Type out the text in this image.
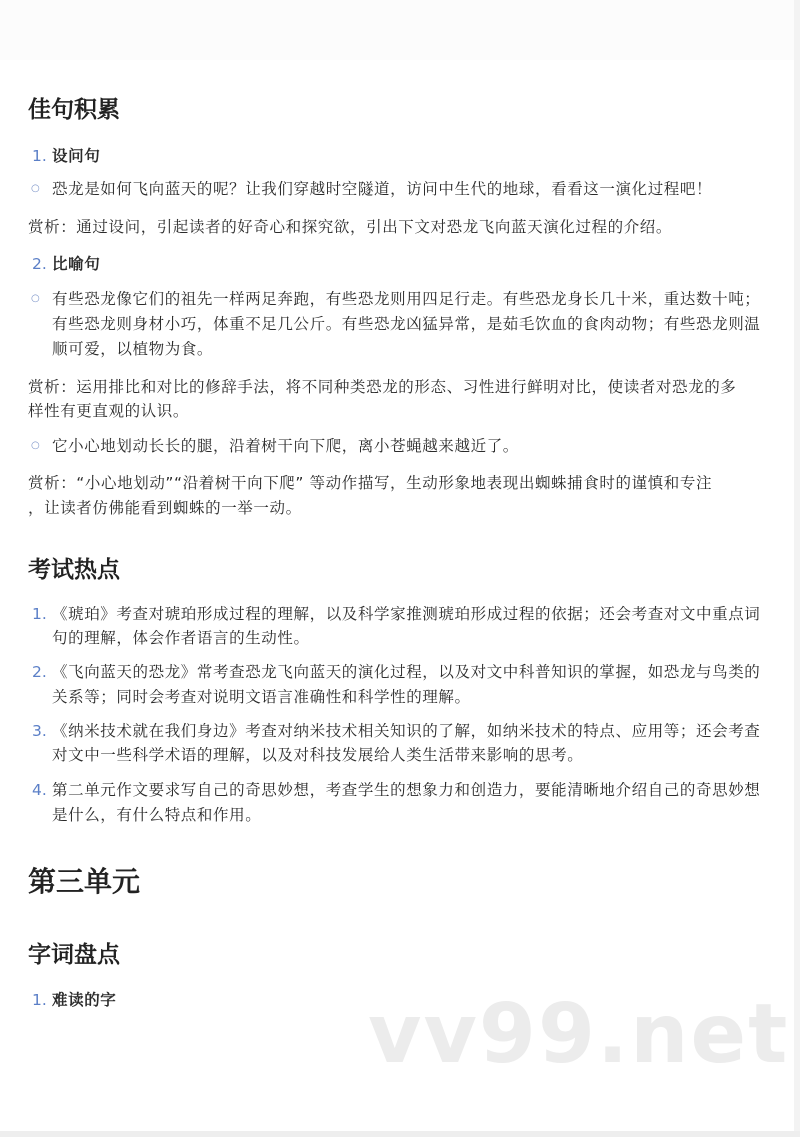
佳句积累
1. 设问句
○ 恐龙是如何飞向蓝天的呢？让我们穿越时空隧道，访问中生代的地球，看看这一演化过程吧！
赏析：通过设问，引起读者的好奇心和探究欲，引出下文对恐龙飞向蓝天演化过程的介绍。
2. 比喻句
○ 有些恐龙像它们的祖先一样两足奔跑，有些恐龙则用四足行走。有些恐龙身长几十米，重达数十吨；
有些恐龙则身材小巧，体重不足几公斤。有些恐龙凶猛异常，是茹毛饮血的食肉动物；有些恐龙则温
顺可爱，以植物为食。
赏析：运用排比和对比的修辞手法，将不同种类恐龙的形态、习性进行鲜明对比，使读者对恐龙的多
样性有更直观的认识。
○ 它小心地划动长长的腿，沿着树干向下爬，离小苍蝇越来越近了。
赏析：“小心地划动”“沿着树干向下爬” 等动作描写，生动形象地表现出蜘蛛捕食时的谨慎和专注
，让读者仿佛能看到蜘蛛的一举一动。
考试热点
1. 《琥珀》考查对琥珀形成过程的理解，以及科学家推测琥珀形成过程的依据；还会考查对文中重点词
句的理解，体会作者语言的生动性。
2. 《飞向蓝天的恐龙》常考查恐龙飞向蓝天的演化过程，以及对文中科普知识的掌握，如恐龙与鸟类的
关系等；同时会考查对说明文语言准确性和科学性的理解。
3. 《纳米技术就在我们身边》考查对纳米技术相关知识的了解，如纳米技术的特点、应用等；还会考查
对文中一些科学术语的理解，以及对科技发展给人类生活带来影响的思考。
4. 第二单元作文要求写自己的奇思妙想，考查学生的想象力和创造力，要能清晰地介绍自己的奇思妙想
是什么，有什么特点和作用。
第三单元
字词盘点
1. 难读的字	vv99.net
